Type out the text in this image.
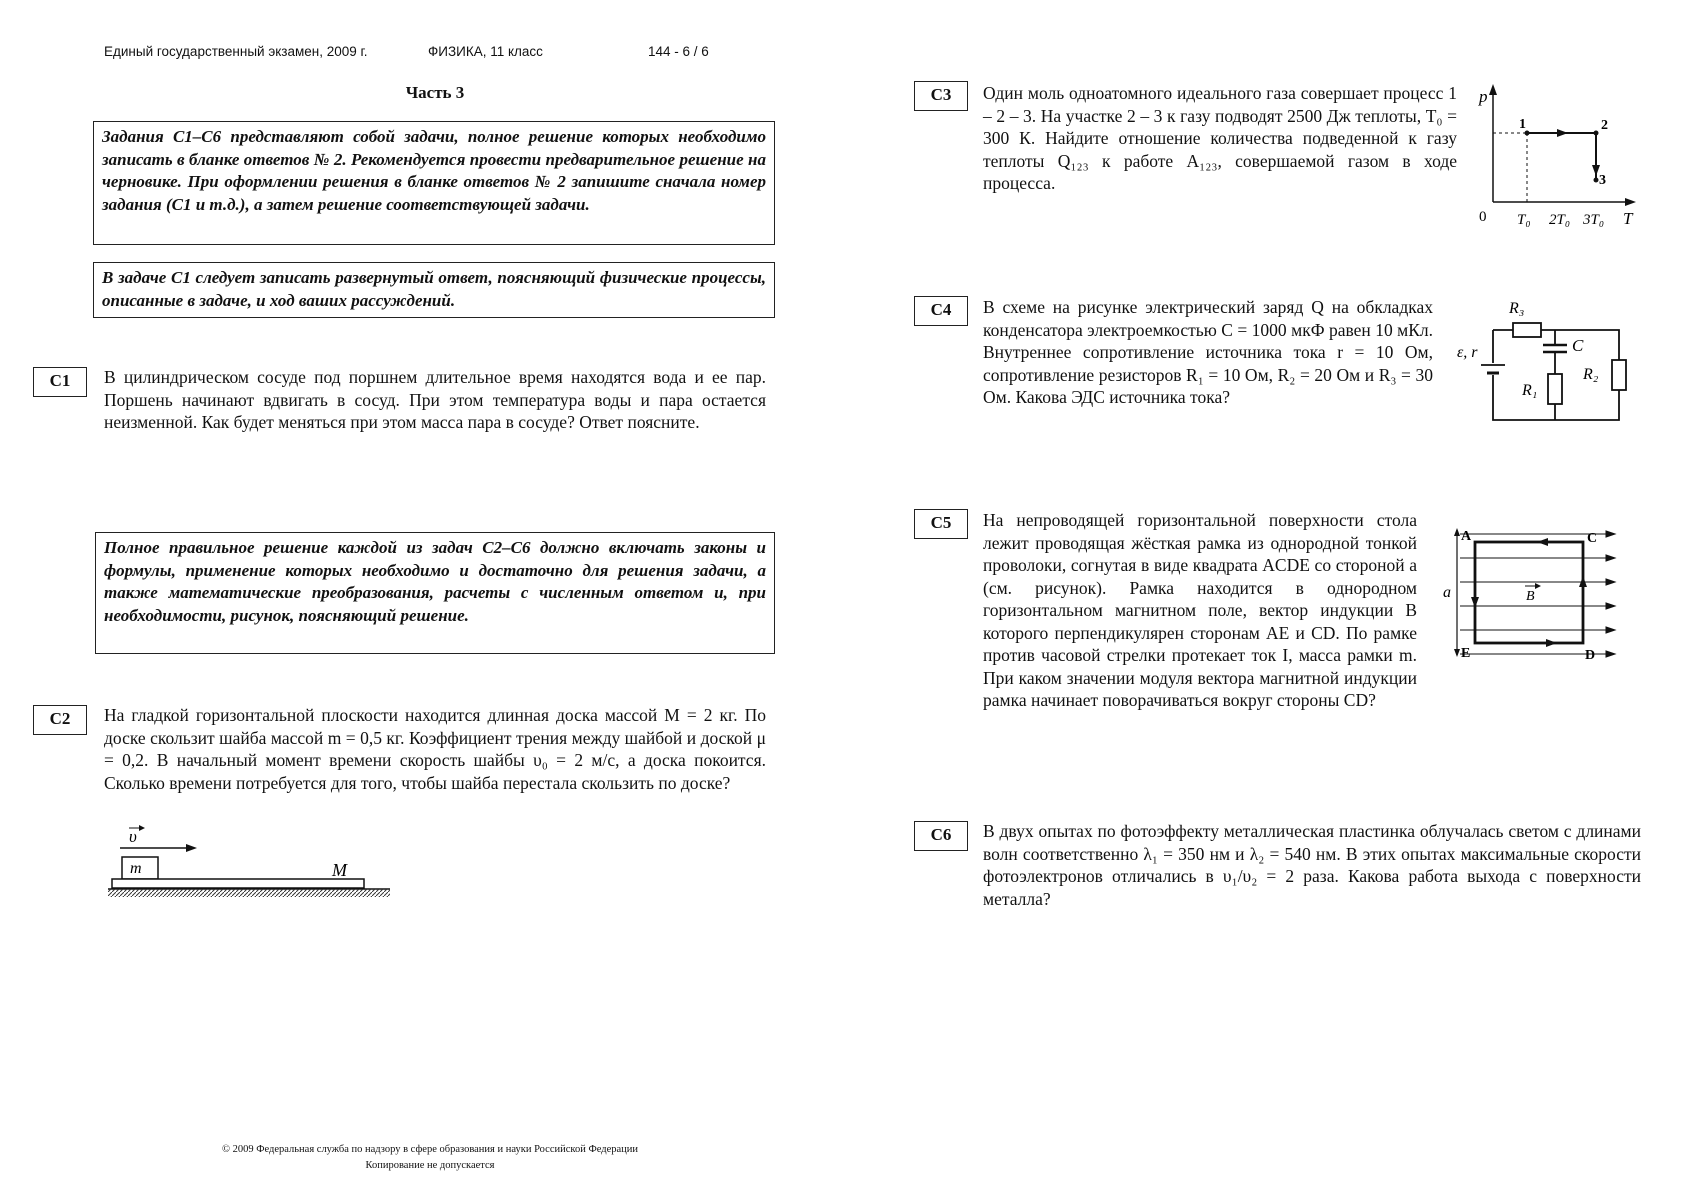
Единый государственный экзамен, 2009 г.	ФИЗИКА, 11 класс	144 - 6 / 6
Часть 3
Задания С1–С6 представляют собой задачи, полное решение которых необходимо записать в бланке ответов № 2. Рекомендуется провести предварительное решение на черновике. При оформлении решения в бланке ответов № 2 запишите сначала номер задания (С1 и т.д.), а затем решение соответствующей задачи.
В задаче С1 следует записать развернутый ответ, поясняющий физические процессы, описанные в задаче, и ход ваших рассуждений.
Полное правильное решение каждой из задач С2–С6 должно включать законы и формулы, применение которых необходимо и достаточно для решения задачи, а также математические преобразования, расчеты с численным ответом и, при необходимости, рисунок, поясняющий решение.
С1	В цилиндрическом сосуде под поршнем длительное время находятся вода и ее пар. Поршень начинают вдвигать в сосуд. При этом температура воды и пара остается неизменной. Как будет меняться при этом масса пара в сосуде? Ответ поясните.
С2	На гладкой горизонтальной плоскости находится длинная доска массой M = 2 кг. По доске скользит шайба массой m = 0,5 кг. Коэффициент трения между шайбой и доской μ = 0,2. В начальный момент времени скорость шайбы υ₀ = 2 м/с, а доска покоится. Сколько времени потребуется для того, чтобы шайба перестала скользить по доске?
υ
m	M
С3	Один моль одноатомного идеального газа совершает процесс 1 – 2 – 3. На участке 2 – 3 к газу подводят 2500 Дж теплоты, T₀ = 300 К. Найдите отношение количества подведенной к газу теплоты Q₁₂₃ к работе A₁₂₃, совершаемой газом в ходе процесса.
p
T
0
1	2
3
T₀ 2T₀ 3T₀
С4	В схеме на рисунке электрический заряд Q на обкладках конденсатора электроемкостью C = 1000 мкФ равен 10 мКл. Внутреннее сопротивление источника тока r = 10 Ом, сопротивление резисторов R₁ = 10 Ом, R₂ = 20 Ом и R₃ = 30 Ом. Какова ЭДС источника тока?
R₃
C
R₁
R₂
ε, r
С5	На непроводящей горизонтальной поверхности стола лежит проводящая жёсткая рамка из однородной тонкой проволоки, согнутая в виде квадрата ACDE со стороной a (см. рисунок). Рамка находится в однородном горизонтальном магнитном поле, вектор индукции B которого перпендикулярен сторонам AE и CD. По рамке против часовой стрелки протекает ток I, масса рамки m. При каком значении модуля вектора магнитной индукции рамка начинает поворачиваться вокруг стороны CD?
a
A	C
E	D
B
С6	В двух опытах по фотоэффекту металлическая пластинка облучалась светом с длинами волн соответственно λ₁ = 350 нм и λ₂ = 540 нм. В этих опытах максимальные скорости фотоэлектронов отличались в υ₁/υ₂ = 2 раза. Какова работа выхода с поверхности металла?
© 2009 Федеральная служба по надзору в сфере образования и науки Российской Федерации
Копирование не допускается
